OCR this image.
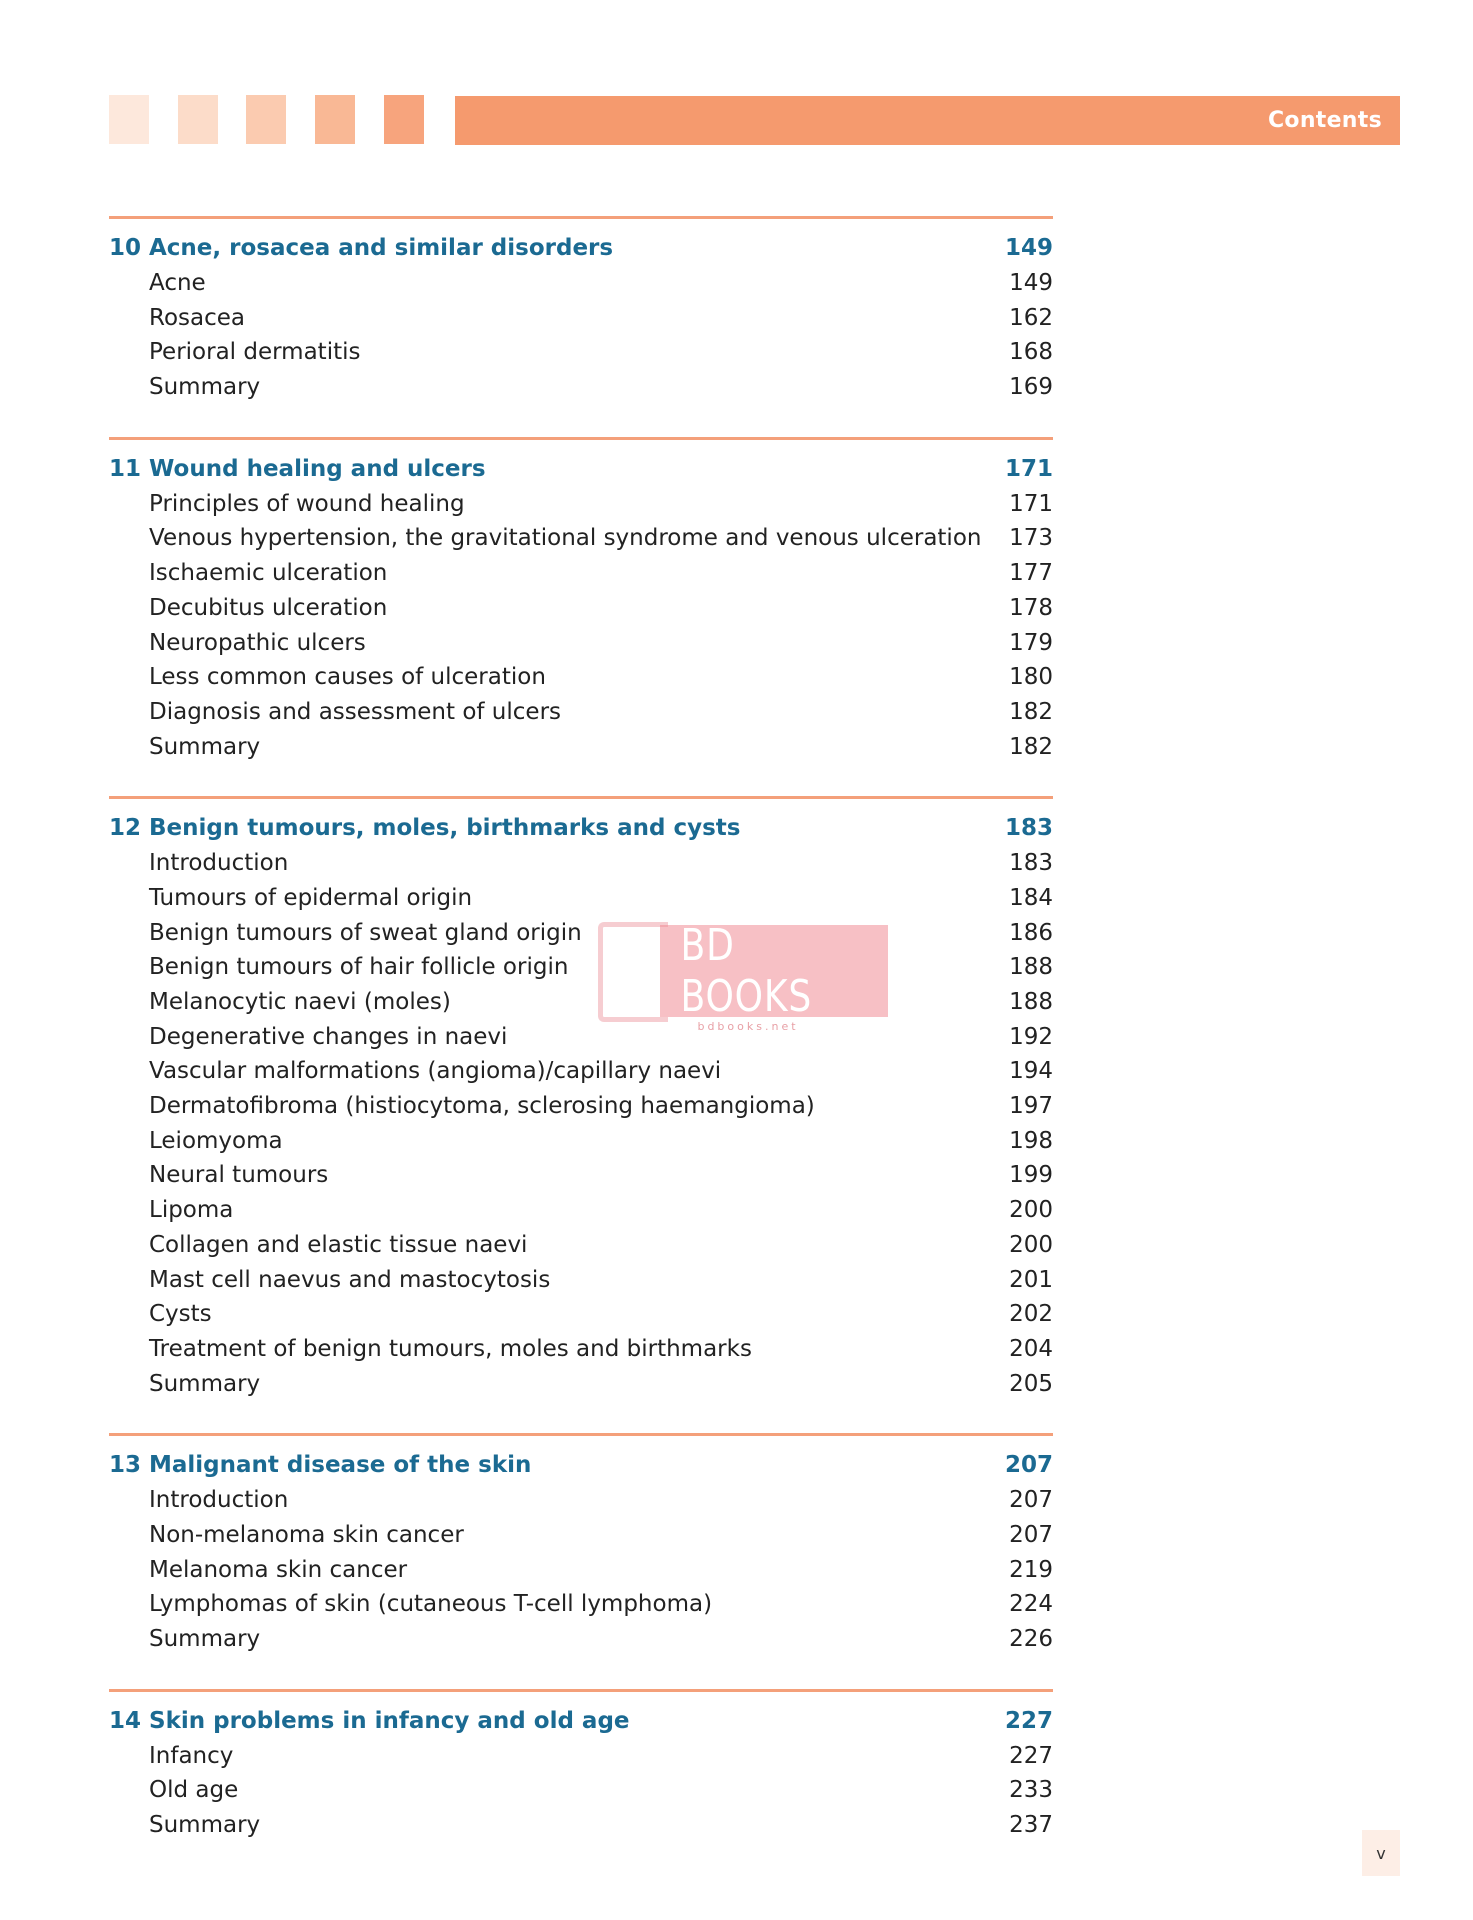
Contents
10 Acne, rosacea and similar disorders	149
Acne	149
Rosacea	162
Perioral dermatitis	168
Summary	169
11 Wound healing and ulcers	171
Principles of wound healing	171
Venous hypertension, the gravitational syndrome and venous ulceration 173
Ischaemic ulceration	177
Decubitus ulceration	178
Neuropathic ulcers	179
Less common causes of ulceration	180
Diagnosis and assessment of ulcers	182
Summary	182
12 Benign tumours, moles, birthmarks and cysts	183
Introduction	183
Tumours of epidermal origin	184
Benign tumours of sweat gland origin	186
Benign tumours of hair follicle origin	188
Melanocytic naevi (moles)	188
Degenerative changes in naevi	192
Vascular malformations (angioma)/capillary naevi	194
Dermatofibroma (histiocytoma, sclerosing haemangioma)	197
Leiomyoma	198
Neural tumours	199
Lipoma	200
Collagen and elastic tissue naevi	200
Mast cell naevus and mastocytosis	201
Cysts	202
Treatment of benign tumours, moles and birthmarks	204
Summary	205
13 Malignant disease of the skin	207
Introduction	207
Non-melanoma skin cancer	207
Melanoma skin cancer	219
Lymphomas of skin (cutaneous T-cell lymphoma)	224
Summary	226
14 Skin problems in infancy and old age	227
Infancy	227
Old age	233
Summary	237
BD BOOKS
bdbooks.net
v
